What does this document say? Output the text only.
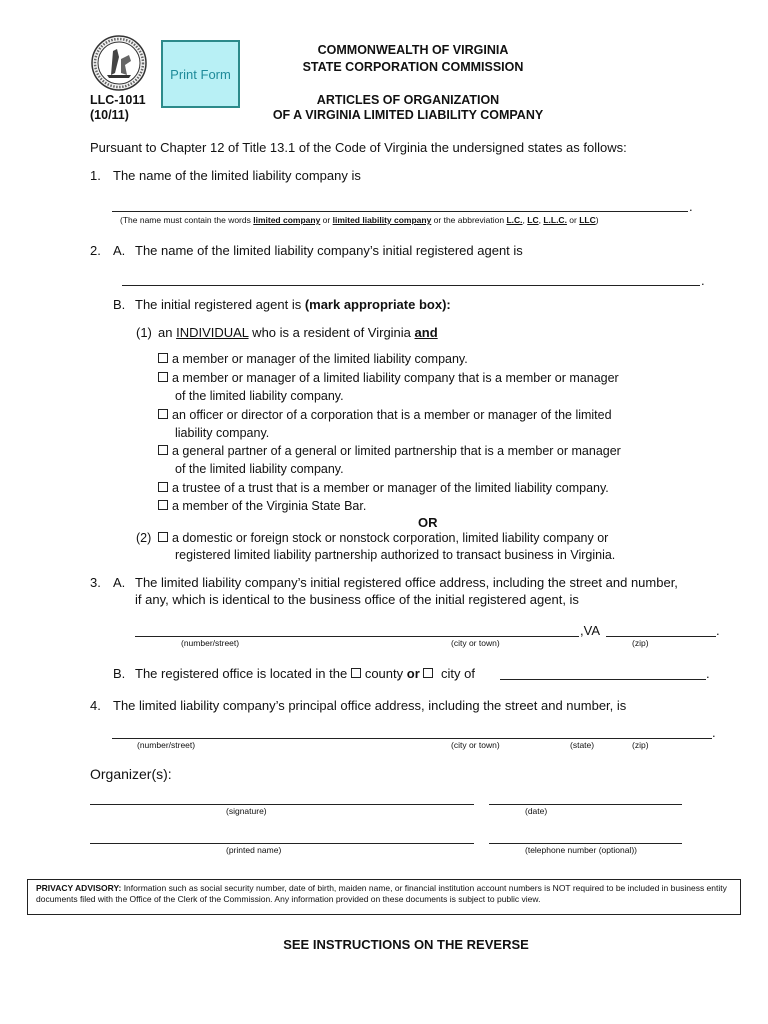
Print Form
COMMONWEALTH OF VIRGINIA
STATE CORPORATION COMMISSION
LLC-1011
(10/11)
ARTICLES OF ORGANIZATION
OF A VIRGINIA LIMITED LIABILITY COMPANY
Pursuant to Chapter 12 of Title 13.1 of the Code of Virginia the undersigned states as follows:
1. The name of the limited liability company is
.
(The name must contain the words limited company or limited liability company or the abbreviation L.C., LC, L.L.C. or LLC)
2. A. The name of the limited liability company’s initial registered agent is
.
B. The initial registered agent is (mark appropriate box):
(1) an INDIVIDUAL who is a resident of Virginia and
a member or manager of the limited liability company.
a member or manager of a limited liability company that is a member or manager
of the limited liability company.
an officer or director of a corporation that is a member or manager of the limited
liability company.
a general partner of a general or limited partnership that is a member or manager
of the limited liability company.
a trustee of a trust that is a member or manager of the limited liability company.
a member of the Virginia State Bar.
OR
(2)	a domestic or foreign stock or nonstock corporation, limited liability company or
registered limited liability partnership authorized to transact business in Virginia.
3. A. The limited liability company’s initial registered office address, including the street and number,
if any, which is identical to the business office of the initial registered agent, is
,VA	.
(number/street)	(city or town)	(zip)
B. The registered office is located in the county or  city of	.
4. The limited liability company’s principal office address, including the street and number, is
.
(number/street)	(city or town)	(state)	(zip)
Organizer(s):
(signature)	(date)
(printed name)	(telephone number (optional))
PRIVACY ADVISORY: Information such as social security number, date of birth, maiden name, or financial institution account numbers is NOT required to be included in business entity documents filed with the Office of the Clerk of the Commission. Any information provided on these documents is subject to public view.
SEE INSTRUCTIONS ON THE REVERSE
